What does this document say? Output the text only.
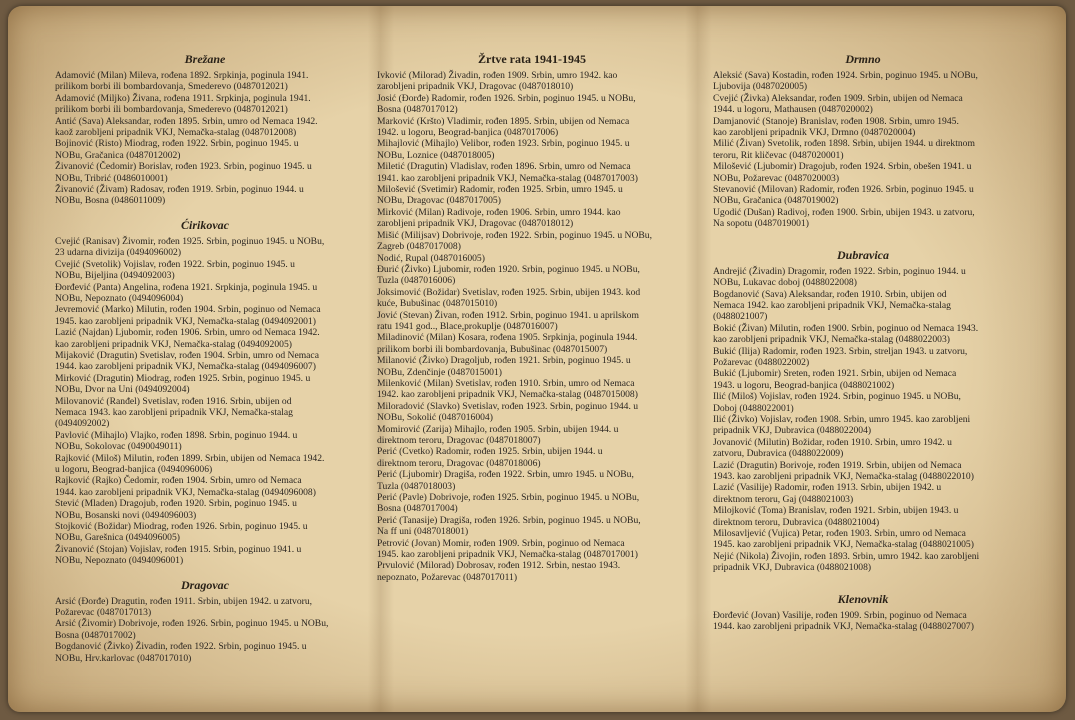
Brežane
Adamović (Milan) Mileva, rođena 1892. Srpkinja, poginula 1941.
prilikom borbi ili bombardovanja, Smederevo (0487012021)
Adamović (Miljko) Živana, rođena 1911. Srpkinja, poginula 1941.
prilikom borbi ili bombardovanja, Smederevo (0487012021)
Antić (Sava) Aleksandar, rođen 1895. Srbin, umro od Nemaca 1942.
kaož zarobljeni pripadnik VKJ, Nemačka-stalag (0487012008)
Bojinović (Risto) Miodrag, rođen 1922. Srbin, poginuo 1945. u
NOBu, Gračanica (0487012002)
Živanović (Čedomir) Borislav, rođen 1923. Srbin, poginuo 1945. u
NOBu, Tribrić (0486010001)
Živanović (Živam) Radosav, rođen 1919. Srbin, poginuo 1944. u
NOBu, Bosna (0486011009)
Ćirikovac
Cvejić (Ranisav) Živomir, rođen 1925. Srbin, poginuo 1945. u NOBu,
23 udarna divizija (0494096002)
Cvejić (Svetolik) Vojislav, rođen 1922. Srbin, poginuo 1945. u
NOBu, Bijeljina (0494092003)
Đorđević (Panta) Angelina, rođena 1921. Srpkinja, poginula 1945. u
NOBu, Nepoznato (0494096004)
Jevremović (Marko) Milutin, rođen 1904. Srbin, poginuo od Nemaca
1945. kao zarobljeni pripadnik VKJ, Nemačka-stalag (0494092001)
Lazić (Najdan) Ljubomir, rođen 1906. Srbin, umro od Nemaca 1942.
kao zarobljeni pripadnik VKJ, Nemačka-stalag (0494092005)
Mijaković (Dragutin) Svetislav, rođen 1904. Srbin, umro od Nemaca
1944. kao zarobljeni pripadnik VKJ, Nemačka-stalag (0494096007)
Mirković (Dragutin) Miodrag, rođen 1925. Srbin, poginuo 1945. u
NOBu, Dvor na Uni (0494092004)
Milovanović (Ranđel) Svetislav, rođen 1916. Srbin, ubijen od
Nemaca 1943. kao zarobljeni pripadnik VKJ, Nemačka-stalag
(0494092002)
Pavlović (Mihajlo) Vlajko, rođen 1898. Srbin, poginuo 1944. u
NOBu, Sokolovac (0490049011)
Rajković (Miloš) Milutin, rođen 1899. Srbin, ubijen od Nemaca 1942.
u logoru, Beograd-banjica (0494096006)
Rajković (Rajko) Čedomir, rođen 1904. Srbin, umro od Nemaca
1944. kao zarobljeni pripadnik VKJ, Nemačka-stalag (0494096008)
Stević (Mladen) Dragojub, rođen 1920. Srbin, poginuo 1945. u
NOBu, Bosanski novi (0494096003)
Stojković (Božidar) Miodrag, rođen 1926. Srbin, poginuo 1945. u
NOBu, Garešnica (0494096005)
Živanović (Stojan) Vojislav, rođen 1915. Srbin, poginuo 1941. u
NOBu, Nepoznato (0494096001)
Dragovac
Arsić (Đorđe) Dragutin, rođen 1911. Srbin, ubijen 1942. u zatvoru,
Požarevac (0487017013)
Arsić (Živomir) Dobrivoje, rođen 1926. Srbin, poginuo 1945. u NOBu,
Bosna (0487017002)
Bogdanović (Živko) Živadin, rođen 1922. Srbin, poginuo 1945. u
NOBu, Hrv.karlovac (0487017010)
Žrtve rata 1941-1945
Ivković (Milorad) Živadin, rođen 1909. Srbin, umro 1942. kao
zarobljeni pripadnik VKJ, Dragovac (0487018010)
Josić (Đorđe) Radomir, rođen 1926. Srbin, poginuo 1945. u NOBu,
Bosna (0487017012)
Marković (Kršto) Vladimir, rođen 1895. Srbin, ubijen od Nemaca
1942. u logoru, Beograd-banjica (0487017006)
Mihajlović (Mihajlo) Velibor, rođen 1923. Srbin, poginuo 1945. u
NOBu, Loznice (0487018005)
Miletić (Dragutin) Vladislav, rođen 1896. Srbin, umro od Nemaca
1941. kao zarobljeni pripadnik VKJ, Nemačka-stalag (0487017003)
Milošević (Svetimir) Radomir, rođen 1925. Srbin, umro 1945. u
NOBu, Dragovac (0487017005)
Mirković (Milan) Radivoje, rođen 1906. Srbin, umro 1944. kao
zarobljeni pripadnik VKJ, Dragovac (0487018012)
Mišić (Milijsav) Dobrivoje, rođen 1922. Srbin, poginuo 1945. u NOBu,
Zagreb (0487017008)
Nodić, Rupal (0487016005)
Đurić (Živko) Ljubomir, rođen 1920. Srbin, poginuo 1945. u NOBu,
Tuzla (0487016006)
Joksimović (Božidar) Svetislav, rođen 1925. Srbin, ubijen 1943. kod
kuće, Bubušinac (0487015010)
Jović (Stevan) Živan, rođen 1912. Srbin, poginuo 1941. u aprilskom
ratu 1941 god.., Blace,prokuplje (0487016007)
Miladinović (Milan) Kosara, rođena 1905. Srpkinja, poginula 1944.
prilikom borbi ili bombardovanja, Bubušinac (0487015007)
Milanović (Živko) Dragoljub, rođen 1921. Srbin, poginuo 1945. u
NOBu, Zdenčinje (0487015001)
Milenković (Milan) Svetislav, rođen 1910. Srbin, umro od Nemaca
1942. kao zarobljeni pripadnik VKJ, Nemačka-stalag (0487015008)
Miloradović (Slavko) Svetislav, rođen 1923. Srbin, poginuo 1944. u
NOBu, Sokolić (0487016004)
Momirović (Zarija) Mihajlo, rođen 1905. Srbin, ubijen 1944. u
direktnom teroru, Dragovac (0487018007)
Perić (Cvetko) Radomir, rođen 1925. Srbin, ubijen 1944. u
direktnom teroru, Dragovac (0487018006)
Perić (Ljubomir) Dragiša, rođen 1922. Srbin, umro 1945. u NOBu,
Tuzla (0487018003)
Perić (Pavle) Dobrivoje, rođen 1925. Srbin, poginuo 1945. u NOBu,
Bosna (0487017004)
Perić (Tanasije) Dragiša, rođen 1926. Srbin, poginuo 1945. u NOBu,
Na ff uni (0487018001)
Petrović (Jovan) Momir, rođen 1909. Srbin, poginuo od Nemaca
1945. kao zarobljeni pripadnik VKJ, Nemačka-stalag (0487017001)
Prvulović (Milorad) Dobrosav, rođen 1912. Srbin, nestao 1943.
nepoznato, Požarevac (0487017011)
Drmno
Aleksić (Sava) Kostadin, rođen 1924. Srbin, poginuo 1945. u NOBu,
Ljubovija (0487020005)
Cvejić (Živka) Aleksandar, rođen 1909. Srbin, ubijen od Nemaca
1944. u logoru, Mathausen (0487020002)
Damjanović (Stanoje) Branislav, rođen 1908. Srbin, umro 1945.
kao zarobljeni pripadnik VKJ, Drmno (0487020004)
Milić (Živan) Svetolik, rođen 1898. Srbin, ubijen 1944. u direktnom
teroru, Rit kličevac (0487020001)
Milošević (Ljubomir) Dragojub, rođen 1924. Srbin, obešen 1941. u
NOBu, Požarevac (0487020003)
Stevanović (Milovan) Radomir, rođen 1926. Srbin, poginuo 1945. u
NOBu, Gračanica (0487019002)
Ugodić (Dušan) Radivoj, rođen 1900. Srbin, ubijen 1943. u zatvoru,
Na sopotu (0487019001)
Dubravica
Andrejić (Živadin) Dragomir, rođen 1922. Srbin, poginuo 1944. u
NOBu, Lukavac doboj (0488022008)
Bogdanović (Sava) Aleksandar, rođen 1910. Srbin, ubijen od
Nemaca 1942. kao zarobljeni pripadnik VKJ, Nemačka-stalag
(0488021007)
Bokić (Živan) Milutin, rođen 1900. Srbin, poginuo od Nemaca 1943.
kao zarobljeni pripadnik VKJ, Nemačka-stalag (0488022003)
Bukić (Ilija) Radomir, rođen 1923. Srbin, streljan 1943. u zatvoru,
Požarevac (0488022002)
Bukić (Ljubomir) Sreten, rođen 1921. Srbin, ubijen od Nemaca
1943. u logoru, Beograd-banjica (0488021002)
Ilić (Miloš) Vojislav, rođen 1924. Srbin, poginuo 1945. u NOBu,
Doboj (0488022001)
Ilić (Živko) Vojislav, rođen 1908. Srbin, umro 1945. kao zarobljeni
pripadnik VKJ, Dubravica (0488022004)
Jovanović (Milutin) Božidar, rođen 1910. Srbin, umro 1942. u
zatvoru, Dubravica (0488022009)
Lazić (Dragutin) Borivoje, rođen 1919. Srbin, ubijen od Nemaca
1943. kao zarobljeni pripadnik VKJ, Nemačka-stalag (0488022010)
Lazić (Vasilije) Radomir, rođen 1913. Srbin, ubijen 1942. u
direktnom teroru, Gaj (0488021003)
Milojković (Toma) Branislav, rođen 1921. Srbin, ubijen 1943. u
direktnom teroru, Dubravica (0488021004)
Milosavljević (Vujica) Petar, rođen 1903. Srbin, umro od Nemaca
1945. kao zarobljeni pripadnik VKJ, Nemačka-stalag (0488021005)
Nejić (Nikola) Živojin, rođen 1893. Srbin, umro 1942. kao zarobljeni
pripadnik VKJ, Dubravica (0488021008)
Klenovnik
Đorđević (Jovan) Vasilije, rođen 1909. Srbin, poginuo od Nemaca
1944. kao zarobljeni pripadnik VKJ, Nemačka-stalag (0488027007)
